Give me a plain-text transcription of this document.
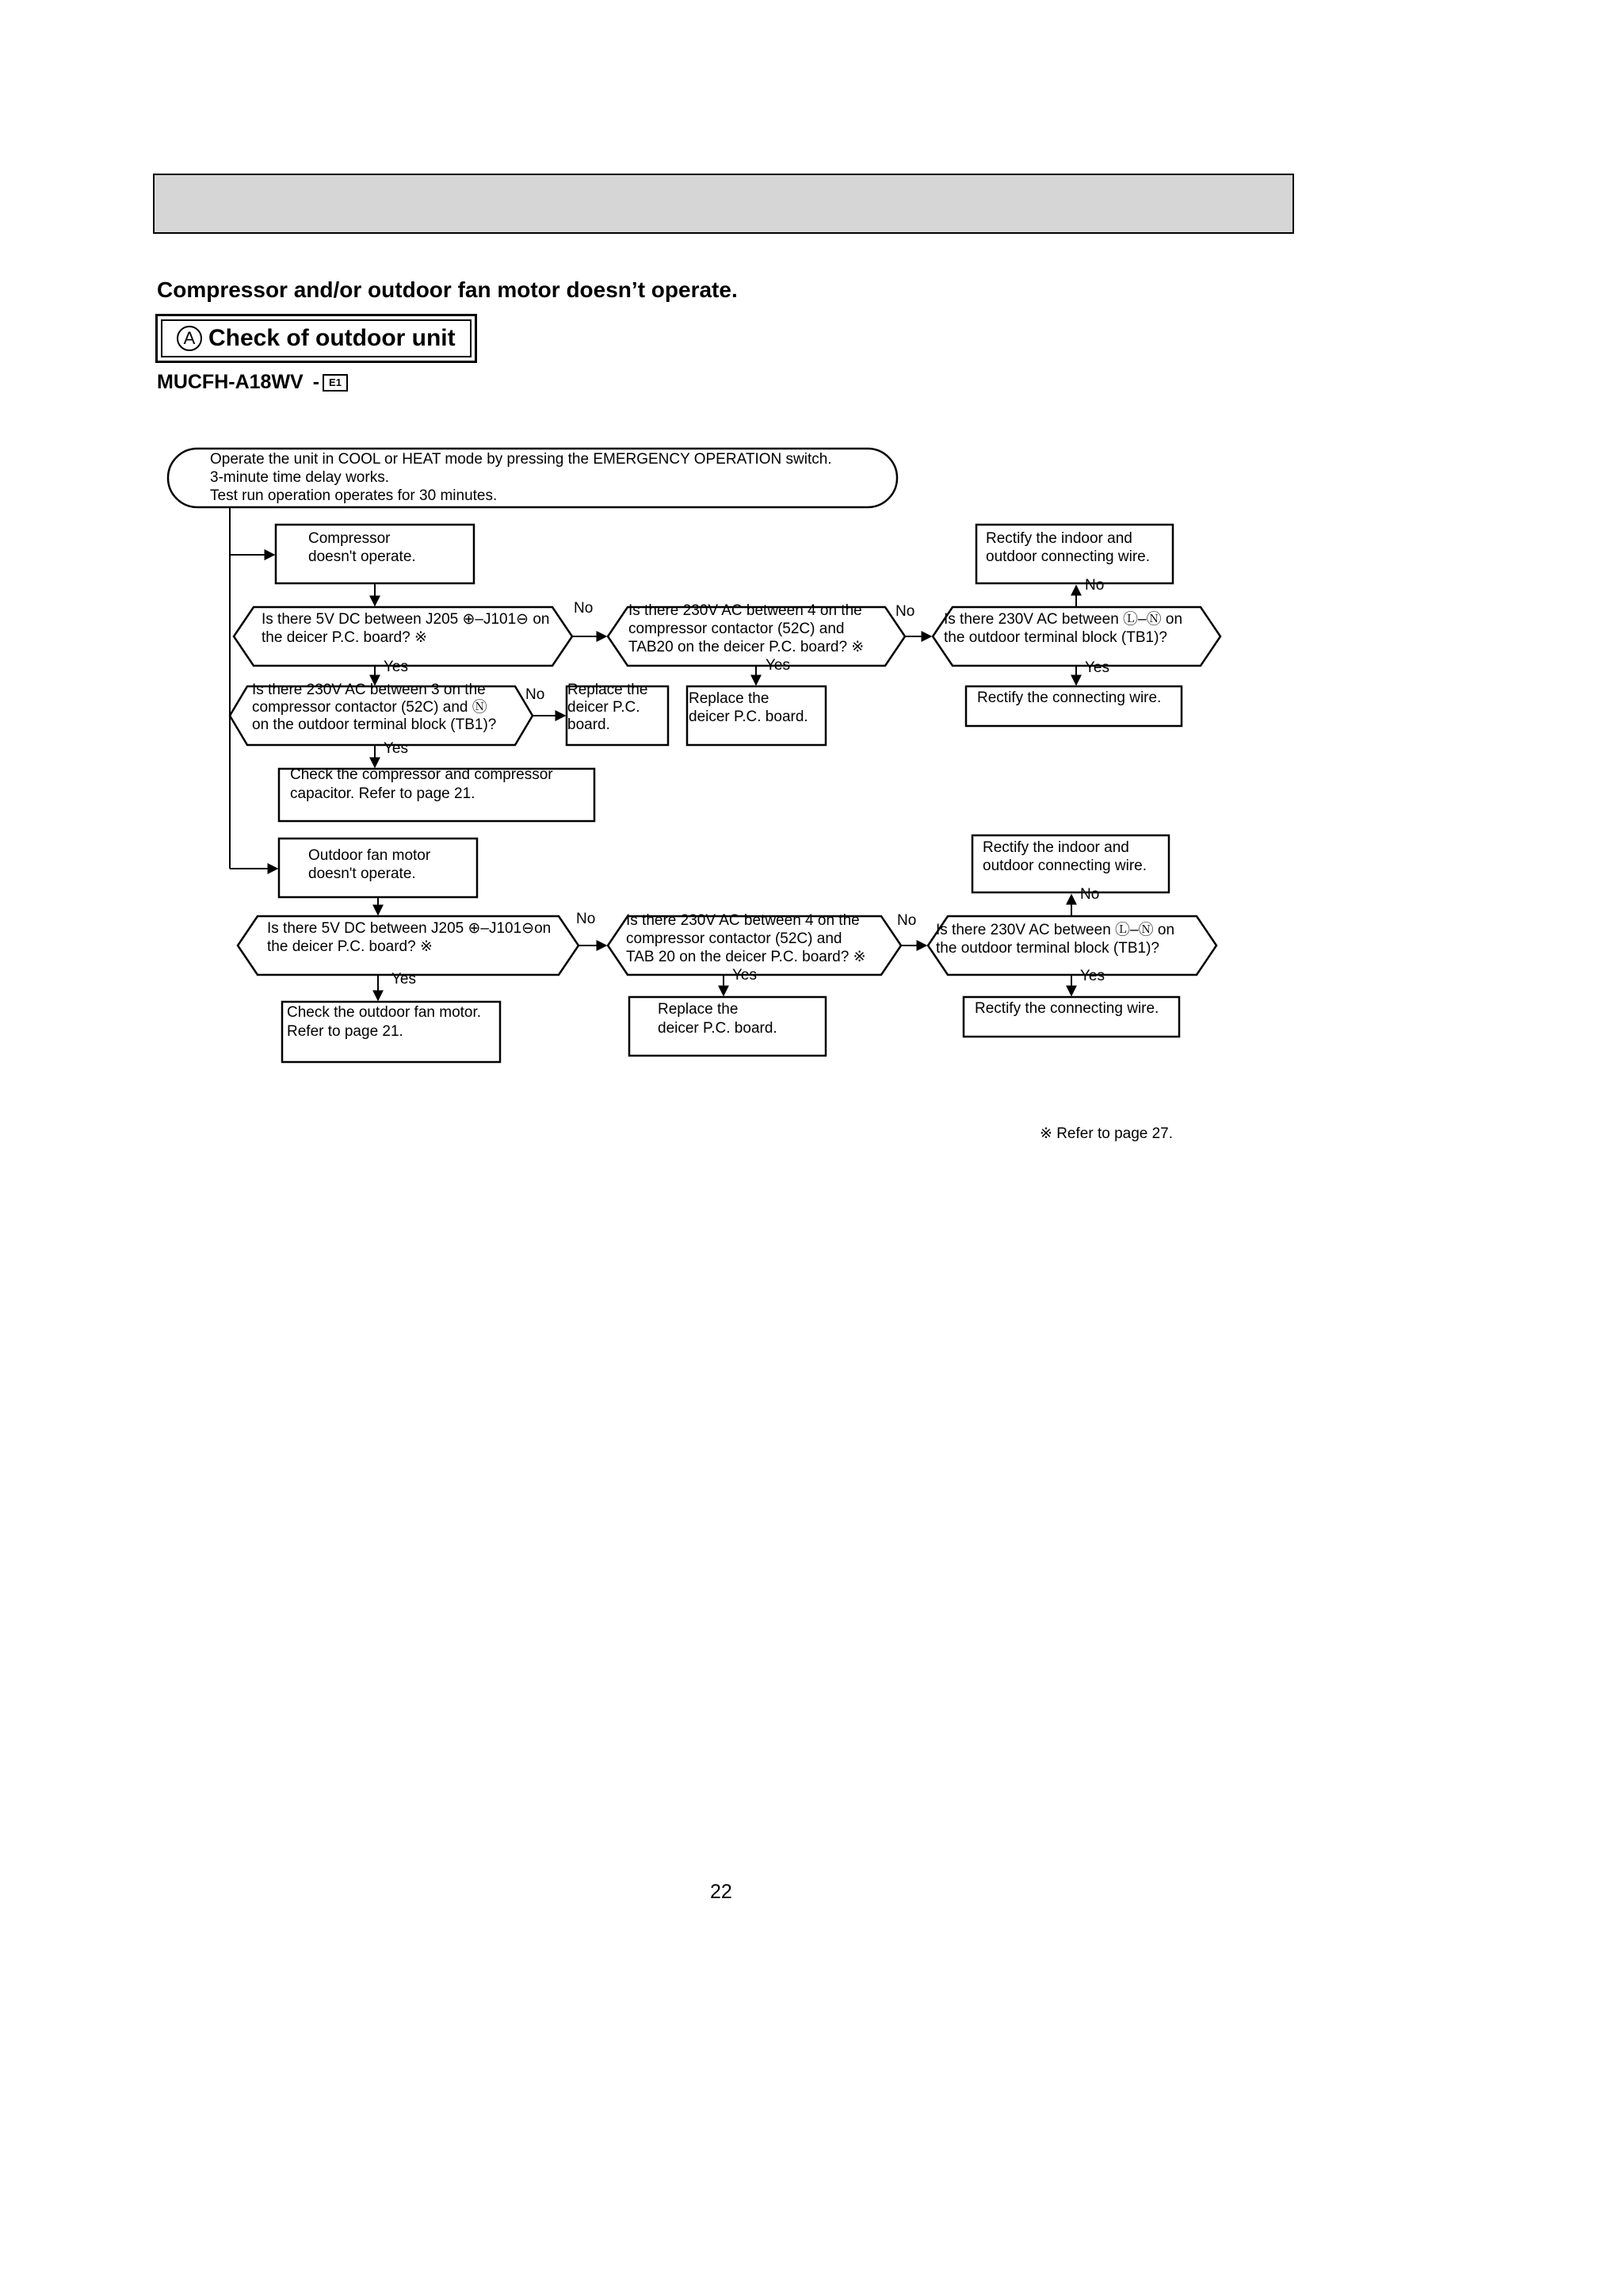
Compressor and/or outdoor fan motor doesn’t operate.
A Check of outdoor unit
MUCFH-A18WV - E1
Operate the unit in COOL or HEAT mode by pressing the EMERGENCY OPERATION switch.
3-minute time delay works.
Test run operation operates for 30 minutes.
Compressor
doesn't operate.
Rectify the indoor and
outdoor connecting wire.
Is there 5V DC between J205 ⊕–J101⊖ on
the deicer P.C. board? ※
Is there 230V AC between 4 on the
compressor contactor (52C) and
TAB20 on the deicer P.C. board? ※
Is there 230V AC between Ⓛ–Ⓝ on
the outdoor terminal block (TB1)?
Is there 230V AC between 3 on the
compressor contactor (52C) and Ⓝ
on the outdoor terminal block (TB1)?
Replace the
deicer P.C.
board.
Replace the
deicer P.C. board.
Rectify the connecting wire.
Check the compressor and compressor
capacitor. Refer to page 21.
No	No
No
Yes	Yes	Yes
No
Yes
Outdoor fan motor
doesn't operate.
Rectify the indoor and
outdoor connecting wire.
Is there 5V DC between J205 ⊕–J101⊖on
the deicer P.C. board? ※
Is there 230V AC between 4 on the
compressor contactor (52C) and
TAB 20 on the deicer P.C. board? ※
Is there 230V AC between Ⓛ–Ⓝ on
the outdoor terminal block (TB1)?
Check the outdoor fan motor.
Refer to page 21.
Replace the
deicer P.C. board.
Rectify the connecting wire.
No	No
No
Yes	Yes	Yes
※ Refer to page 27.
22
